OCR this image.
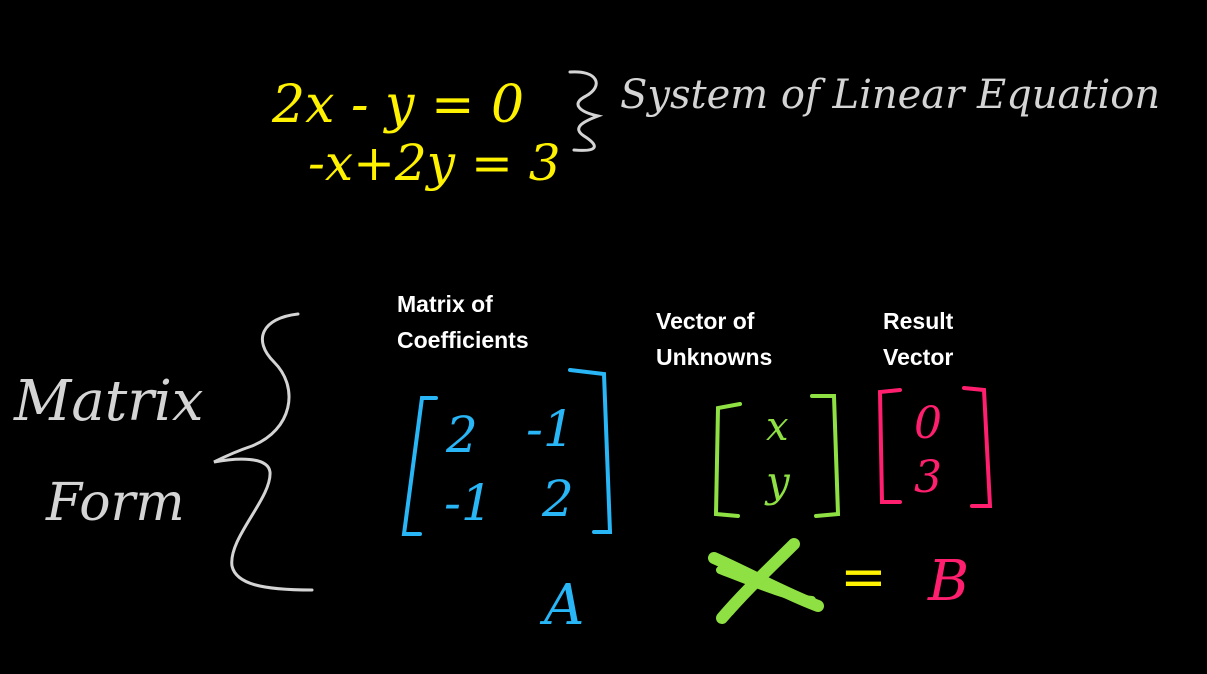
2x - y = 0
-x+2y = 3
System of Linear Equation
Matrix
Form
2 -1
-1 2
A
x
y
=
0
3
B
Matrix of
Coefficients
Vector of
Unknowns
Result
Vector
